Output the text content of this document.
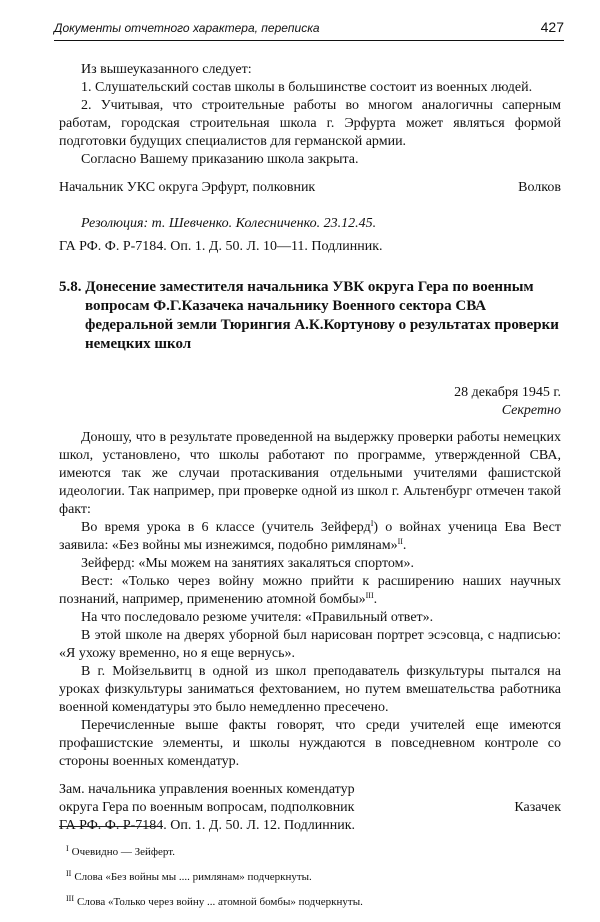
Документы отчетного характера, переписка	427

Из вышеуказанного следует:

1. Слушательский состав школы в большинстве состоит из военных людей.

2. Учитывая, что строительные работы во многом аналогичны саперным работам, городская строительная школа г. Эрфурта может являться формой подготовки будущих специалистов для германской армии.

Согласно Вашему приказанию школа закрыта.

Начальник УКС округа Эрфурт, полковник	Волков

Резолюция: т. Шевченко. Колесниченко. 23.12.45.

ГА РФ. Ф. Р-7184. Оп. 1. Д. 50. Л. 10—11. Подлинник.

5.8. Донесение заместителя начальника УВК округа Гера по военным вопросам Ф.Г.Казачека начальнику Военного сектора СВА федеральной земли Тюрингия А.К.Кортунову о результатах проверки немецких школ

28 декабря 1945 г.

Секретно

Доношу, что в результате проведенной на выдержку проверки работы немецких школ, установлено, что школы работают по программе, утвержденной СВА, имеются так же случаи протаскивания отдельными учителями фашистской идеологии. Так например, при проверке одной из школ г. Альтенбург отмечен такой факт:

Во время урока в 6 классе (учитель Зейферд$^I$) о войнах ученица Ева Вест заявила: «Без войны мы изнежимся, подобно римлянам»$^{II}$.

Зейферд: «Мы можем на занятиях закаляться спортом».

Вест: «Только через войну можно прийти к расширению наших научных познаний, например, применению атомной бомбы»$^{III}$.

На что последовало резюме учителя: «Правильный ответ».

В этой школе на дверях уборной был нарисован портрет эсэсовца, с надписью: «Я ухожу временно, но я еще вернусь».

В г. Мойзельвитц в одной из школ преподаватель физкультуры пытался на уроках физкультуры заниматься фехтованием, но путем вмешательства работника военной комендатуры это было немедленно пресечено.

Перечисленные выше факты говорят, что среди учителей еще имеются профашистские элементы, и школы нуждаются в повседневном контроле со стороны военных комендатур.

Зам. начальника управления военных комендатур

округа Гера по военным вопросам, подполковник	Казачек

ГА РФ. Ф. Р-7184. Оп. 1. Д. 50. Л. 12. Подлинник.

$^I$ Очевидно — Зейферт.
$^{II}$ Слова «Без войны мы .... римлянам» подчеркнуты.
$^{III}$ Слова «Только через войну ... атомной бомбы» подчеркнуты.
